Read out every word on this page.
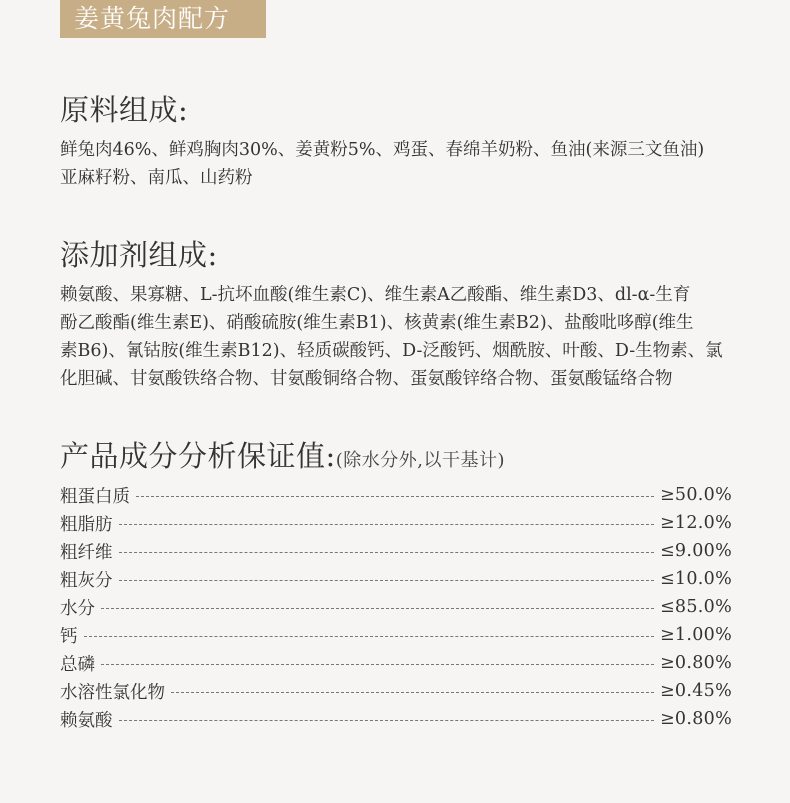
姜黄兔肉配方
原料组成:
鲜兔肉46%、鲜鸡胸肉30%、姜黄粉5%、鸡蛋、春绵羊奶粉、鱼油(来源三文鱼油)
亚麻籽粉、南瓜、山药粉
添加剂组成:
赖氨酸、果寡糖、L-抗坏血酸(维生素C)、维生素A乙酸酯、维生素D3、dl-α-生育
酚乙酸酯(维生素E)、硝酸硫胺(维生素B1)、核黄素(维生素B2)、盐酸吡哆醇(维生
素B6)、氰钴胺(维生素B12)、轻质碳酸钙、D-泛酸钙、烟酰胺、叶酸、D-生物素、氯
化胆碱、甘氨酸铁络合物、甘氨酸铜络合物、蛋氨酸锌络合物、蛋氨酸锰络合物
产品成分分析保证值:(除水分外,以干基计)
粗蛋白质	≥50.0%
粗脂肪	≥12.0%
粗纤维	≤9.00%
粗灰分	≤10.0%
水分	≤85.0%
钙	≥1.00%
总磷	≥0.80%
水溶性氯化物	≥0.45%
赖氨酸	≥0.80%
